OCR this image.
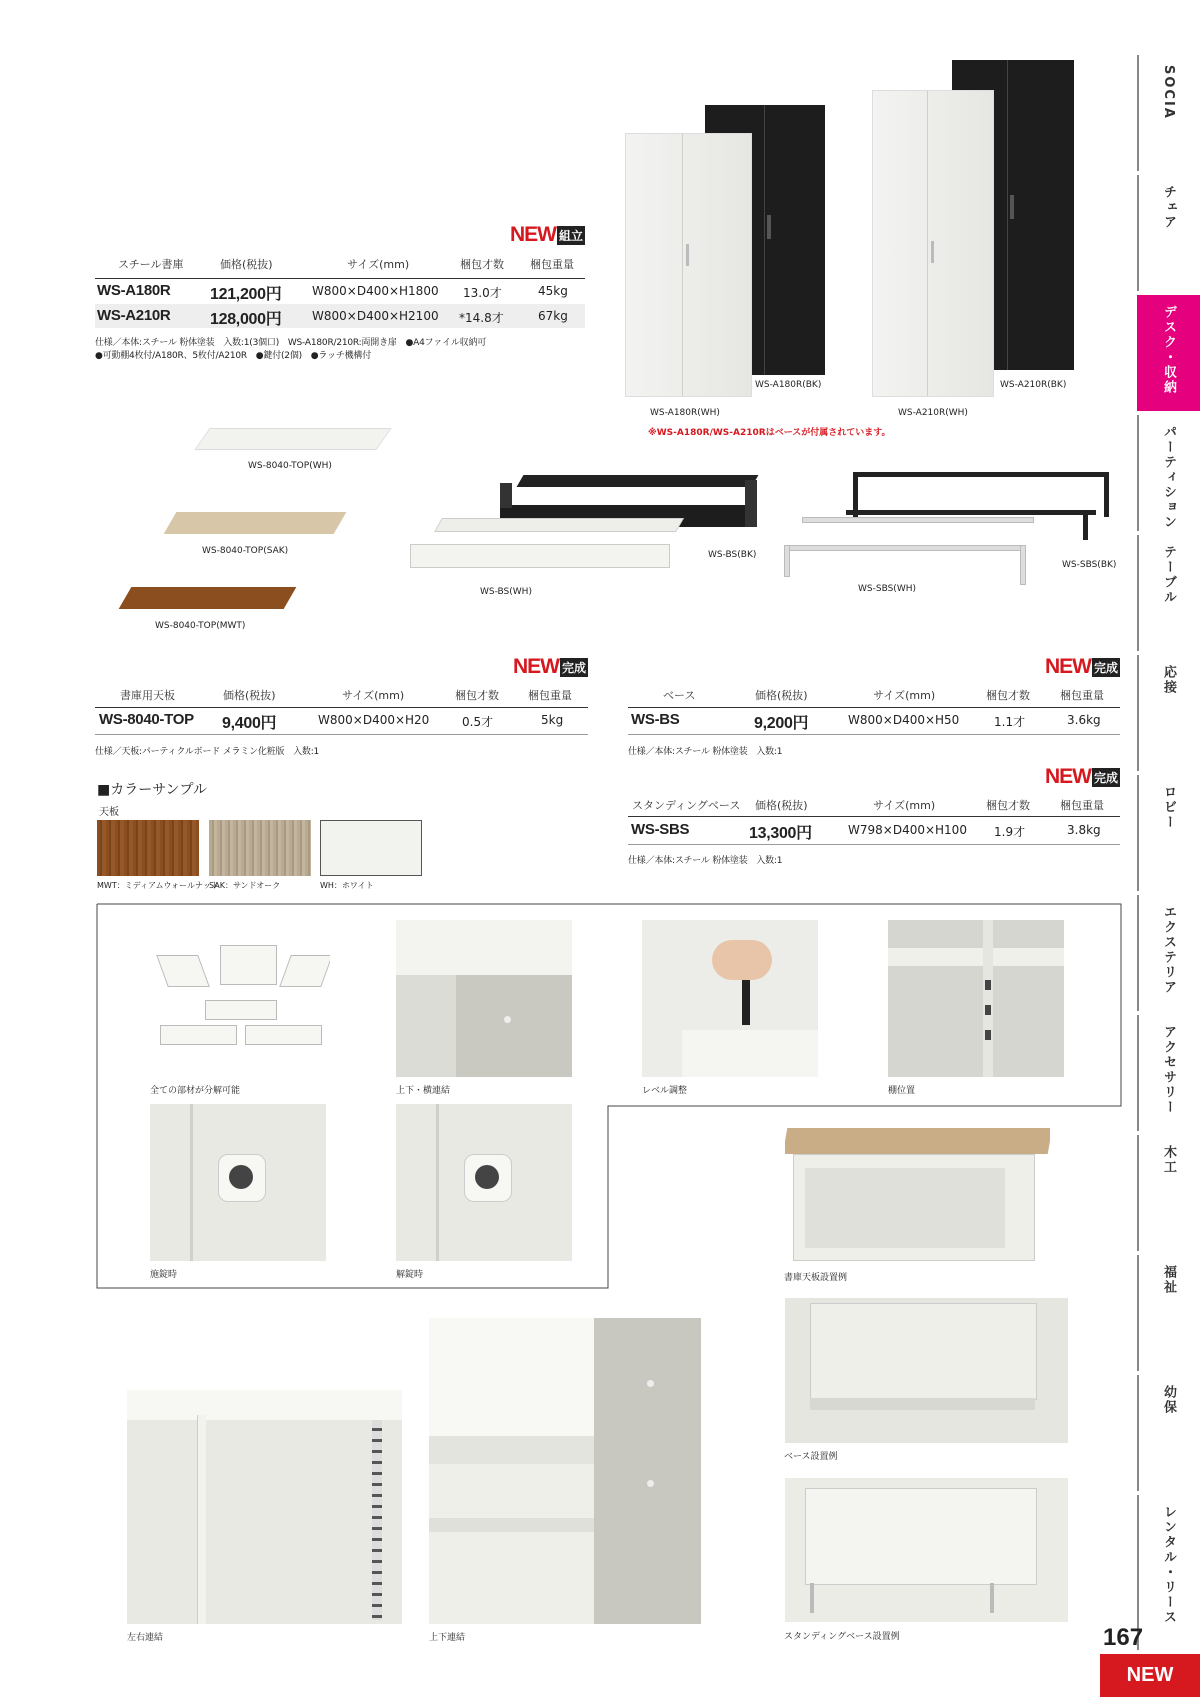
WS-A180R(BK)	WS-A210R(BK)
WS-A180R(WH)	WS-A210R(WH)
※WS-A180R/WS-A210Rはベースが付属されています。
NEW 組立
スチール書庫	価格(税抜)	サイズ(mm)	梱包才数 梱包重量
WS-A180R 121,200円	W800×D400×H1800 13.0才	45kg
WS-A210R 128,000円	W800×D400×H2100 *14.8才	67kg
仕様／本体:スチール 粉体塗装　入数:1(3個口)　WS-A180R/210R:両開き扉　●A4ファイル収納可
●可動棚4枚付/A180R、5枚付/A210R　●鍵付(2個)　●ラッチ機構付
WS-8040-TOP(WH)
WS-8040-TOP(SAK)
WS-8040-TOP(MWT)
WS-BS(BK)
WS-BS(WH)
WS-SBS(BK)
WS-SBS(WH)
NEW 完成
書庫用天板	価格(税抜)	サイズ(mm)	梱包才数	梱包重量
WS-8040-TOP 9,400円	W800×D400×H20	0.5才	5kg
仕様／天板:パーティクルボード メラミン化粧版　入数:1
NEW 完成
ベース	価格(税抜)	サイズ(mm)	梱包才数	梱包重量
WS-BS	9,200円	W800×D400×H50	1.1才	3.6kg
仕様／本体:スチール 粉体塗装　入数:1
NEW 完成
スタンディングベース 価格(税抜)	サイズ(mm)	梱包才数	梱包重量
WS-SBS	13,300円	W798×D400×H100 1.9才	3.8kg
仕様／本体:スチール 粉体塗装　入数:1
■カラーサンプル
天板
MWT：ミディアムウォールナット
SAK：サンドオーク	WH：ホワイト
全ての部材が分解可能	上下・横連結	レベル調整	棚位置
施錠時	解錠時	書庫天板設置例
ベース設置例
スタンディングベース設置例
左右連結	上下連結
SOCIA
チェア
デスク・収納
パーティション
テーブル
応接
ロビー
エクステリア
アクセサリー
木工
福祉
幼保
レンタル・リース
167
NEW
